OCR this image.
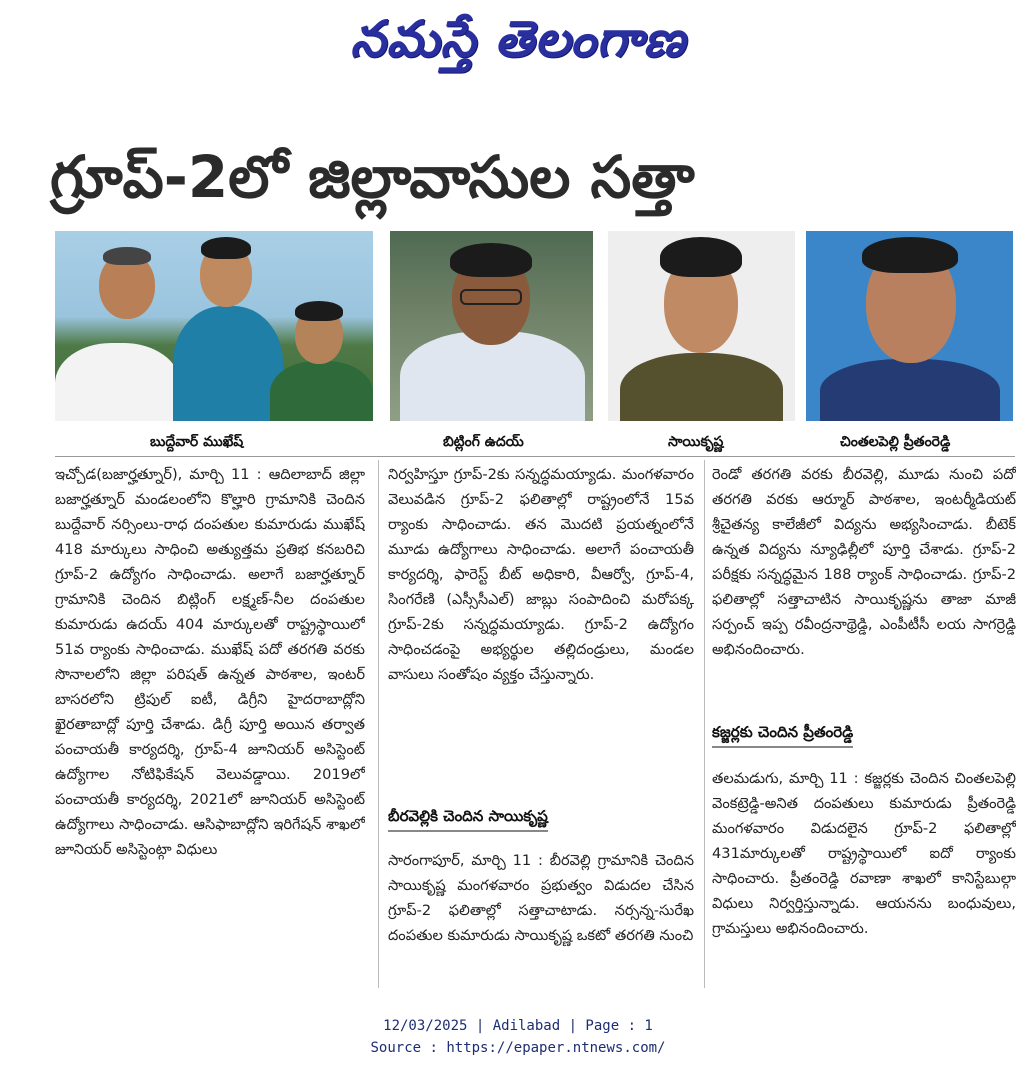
నమస్తే తెలంగాణ
గ్రూప్-2లో జిల్లావాసుల సత్తా
బుద్దేవార్ ముఖేష్	బిట్లింగ్ ఉదయ్	సాయికృష్ణ	చింతలపెల్లి ప్రీతంరెడ్డి

ఇచ్చోడ(బజార్హత్నూర్), మార్చి 11 : ఆదిలాబాద్ జిల్లా బజార్హత్నూర్ మండలంలోని కొల్హారి గ్రామానికి చెందిన బుద్దేవార్ నర్సింలు-రాధ దంపతుల కుమారుడు ముఖేష్ 418 మార్కులు సాధించి అత్యుత్తమ ప్రతిభ కనబరిచి గ్రూప్-2 ఉద్యోగం సాధించాడు. అలాగే బజార్హత్నూర్ గ్రామానికి చెందిన బిట్లింగ్ లక్ష్మణ్-నీల దంపతుల కుమారుడు ఉదయ్ 404 మార్కులతో రాష్ట్రస్థాయిలో 51వ ర్యాంకు సాధించాడు. ముఖేష్ పదో తరగతి వరకు సొనాలలోని జిల్లా పరిషత్ ఉన్నత పాఠశాల, ఇంటర్ బాసరలోని ట్రిపుల్ ఐటీ, డిగ్రీని హైదరాబాద్లోని ఖైరతాబాద్లో పూర్తి చేశాడు. డిగ్రీ పూర్తి అయిన తర్వాత పంచాయతీ కార్యదర్శి, గ్రూప్-4 జూనియర్ అసిస్టెంట్ ఉద్యోగాల నోటిఫికేషన్ వెలువడ్డాయి. 2019లో పంచాయతీ కార్యదర్శి, 2021లో జూనియర్ అసిస్టెంట్ ఉద్యోగాలు సాధించాడు. ఆసిఫాబాద్లోని ఇరిగేషన్ శాఖలో జూనియర్ అసిస్టెంట్గా విధులు

నిర్వహిస్తూ గ్రూప్-2కు సన్నద్ధమయ్యాడు. మంగళవారం వెలువడిన గ్రూప్-2 ఫలితాల్లో రాష్ట్రంలోనే 15వ ర్యాంకు సాధించాడు. తన మొదటి ప్రయత్నంలోనే మూడు ఉద్యోగాలు సాధించాడు. అలాగే పంచాయతీ కార్యదర్శి, ఫారెస్ట్ బీట్ అధికారి, వీఆర్వో, గ్రూప్-4, సింగరేణి (ఎస్సీసీఎల్) జాబ్లు సంపాదించి మరోపక్క గ్రూప్-2కు సన్నద్ధమయ్యాడు. గ్రూప్-2 ఉద్యోగం సాధించడంపై అభ్యర్థుల తల్లిదండ్రులు, మండల వాసులు సంతోషం వ్యక్తం చేస్తున్నారు.

బీరవెల్లికి చెందిన సాయికృష్ణ

సారంగాపూర్, మార్చి 11 : బీరవెల్లి గ్రామానికి చెందిన సాయికృష్ణ మంగళవారం ప్రభుత్వం విడుదల చేసిన గ్రూప్-2 ఫలితాల్లో సత్తాచాటాడు. నర్సన్న-సురేఖ దంపతుల కుమారుడు సాయికృష్ణ ఒకటో తరగతి నుంచి

రెండో తరగతి వరకు బీరవెల్లి, మూడు నుంచి పదో తరగతి వరకు ఆర్మూర్ పాఠశాల, ఇంటర్మీడియట్ శ్రీచైతన్య కాలేజీలో విద్యను అభ్యసించాడు. బీటెక్ ఉన్నత విద్యను న్యూఢిల్లీలో పూర్తి చేశాడు. గ్రూప్-2 పరీక్షకు సన్నద్ధమైన 188 ర్యాంక్ సాధించాడు. గ్రూప్-2 ఫలితాల్లో సత్తాచాటిన సాయికృష్ణను తాజా మాజీ సర్పంచ్ ఇప్ప రవీంద్రనాథ్రెడ్డి, ఎంపీటీసీ లయ సాగర్రెడ్డి అభినందించారు.

కజ్జర్లకు చెందిన ప్రీతంరెడ్డి

తలమడుగు, మార్చి 11 : కజ్జర్లకు చెందిన చింతలపెల్లి వెంకట్రెడ్డి-అనిత దంపతులు కుమారుడు ప్రీతంరెడ్డి మంగళవారం విడుదలైన గ్రూప్-2 ఫలితాల్లో 431మార్కులతో రాష్ట్రస్థాయిలో ఐదో ర్యాంకు సాధించారు. ప్రీతంరెడ్డి రవాణా శాఖలో కానిస్టేబుల్గా విధులు నిర్వర్తిస్తున్నాడు. ఆయనను బంధువులు, గ్రామస్తులు అభినందించారు.

12/03/2025 | Adilabad | Page : 1
Source : https://epaper.ntnews.com/
